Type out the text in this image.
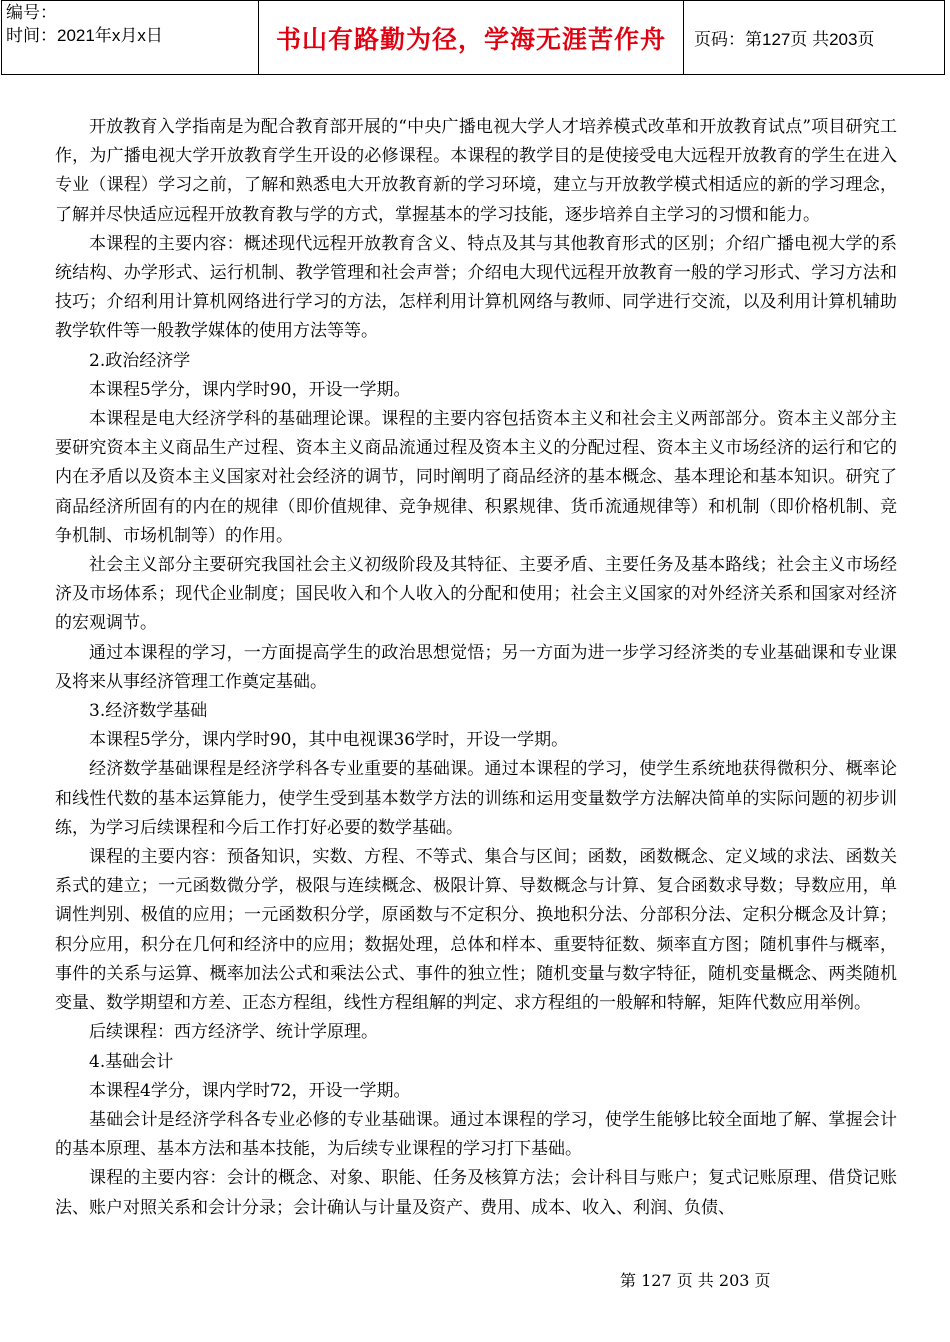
编号：
时间：2021年x月x日	书山有路勤为径，学海无涯苦作舟	页码：第127页 共203页

开放教育入学指南是为配合教育部开展的“中央广播电视大学人才培养模式改革和开放教育试点”项目研究工作，为广播电视大学开放教育学生开设的必修课程。本课程的教学目的是使接受电大远程开放教育的学生在进入专业（课程）学习之前，了解和熟悉电大开放教育新的学习环境，建立与开放教学模式相适应的新的学习理念，了解并尽快适应远程开放教育教与学的方式，掌握基本的学习技能，逐步培养自主学习的习惯和能力。

本课程的主要内容：概述现代远程开放教育含义、特点及其与其他教育形式的区别；介绍广播电视大学的系统结构、办学形式、运行机制、教学管理和社会声誉；介绍电大现代远程开放教育一般的学习形式、学习方法和技巧；介绍利用计算机网络进行学习的方法，怎样利用计算机网络与教师、同学进行交流，以及利用计算机辅助教学软件等一般教学媒体的使用方法等等。

2.政治经济学

本课程5学分，课内学时90，开设一学期。

本课程是电大经济学科的基础理论课。课程的主要内容包括资本主义和社会主义两部部分。资本主义部分主要研究资本主义商品生产过程、资本主义商品流通过程及资本主义的分配过程、资本主义市场经济的运行和它的内在矛盾以及资本主义国家对社会经济的调节，同时阐明了商品经济的基本概念、基本理论和基本知识。研究了商品经济所固有的内在的规律（即价值规律、竞争规律、积累规律、货币流通规律等）和机制（即价格机制、竞争机制、市场机制等）的作用。

社会主义部分主要研究我国社会主义初级阶段及其特征、主要矛盾、主要任务及基本路线；社会主义市场经济及市场体系；现代企业制度；国民收入和个人收入的分配和使用；社会主义国家的对外经济关系和国家对经济的宏观调节。

通过本课程的学习，一方面提高学生的政治思想觉悟；另一方面为进一步学习经济类的专业基础课和专业课及将来从事经济管理工作奠定基础。

3.经济数学基础

本课程5学分，课内学时90，其中电视课36学时，开设一学期。

经济数学基础课程是经济学科各专业重要的基础课。通过本课程的学习，使学生系统地获得微积分、概率论和线性代数的基本运算能力，使学生受到基本数学方法的训练和运用变量数学方法解决简单的实际问题的初步训练，为学习后续课程和今后工作打好必要的数学基础。

课程的主要内容：预备知识，实数、方程、不等式、集合与区间；函数，函数概念、定义域的求法、函数关系式的建立；一元函数微分学，极限与连续概念、极限计算、导数概念与计算、复合函数求导数；导数应用，单调性判别、极值的应用；一元函数积分学，原函数与不定积分、换地积分法、分部积分法、定积分概念及计算；积分应用，积分在几何和经济中的应用；数据处理，总体和样本、重要特征数、频率直方图；随机事件与概率，事件的关系与运算、概率加法公式和乘法公式、事件的独立性；随机变量与数字特征，随机变量概念、两类随机变量、数学期望和方差、正态方程组，线性方程组解的判定、求方程组的一般解和特解，矩阵代数应用举例。

后续课程：西方经济学、统计学原理。

4.基础会计

本课程4学分，课内学时72，开设一学期。

基础会计是经济学科各专业必修的专业基础课。通过本课程的学习，使学生能够比较全面地了解、掌握会计的基本原理、基本方法和基本技能，为后续专业课程的学习打下基础。

课程的主要内容：会计的概念、对象、职能、任务及核算方法；会计科目与账户；复式记账原理、借贷记账法、账户对照关系和会计分录；会计确认与计量及资产、费用、成本、收入、利润、负债、

第 127 页 共 203 页
